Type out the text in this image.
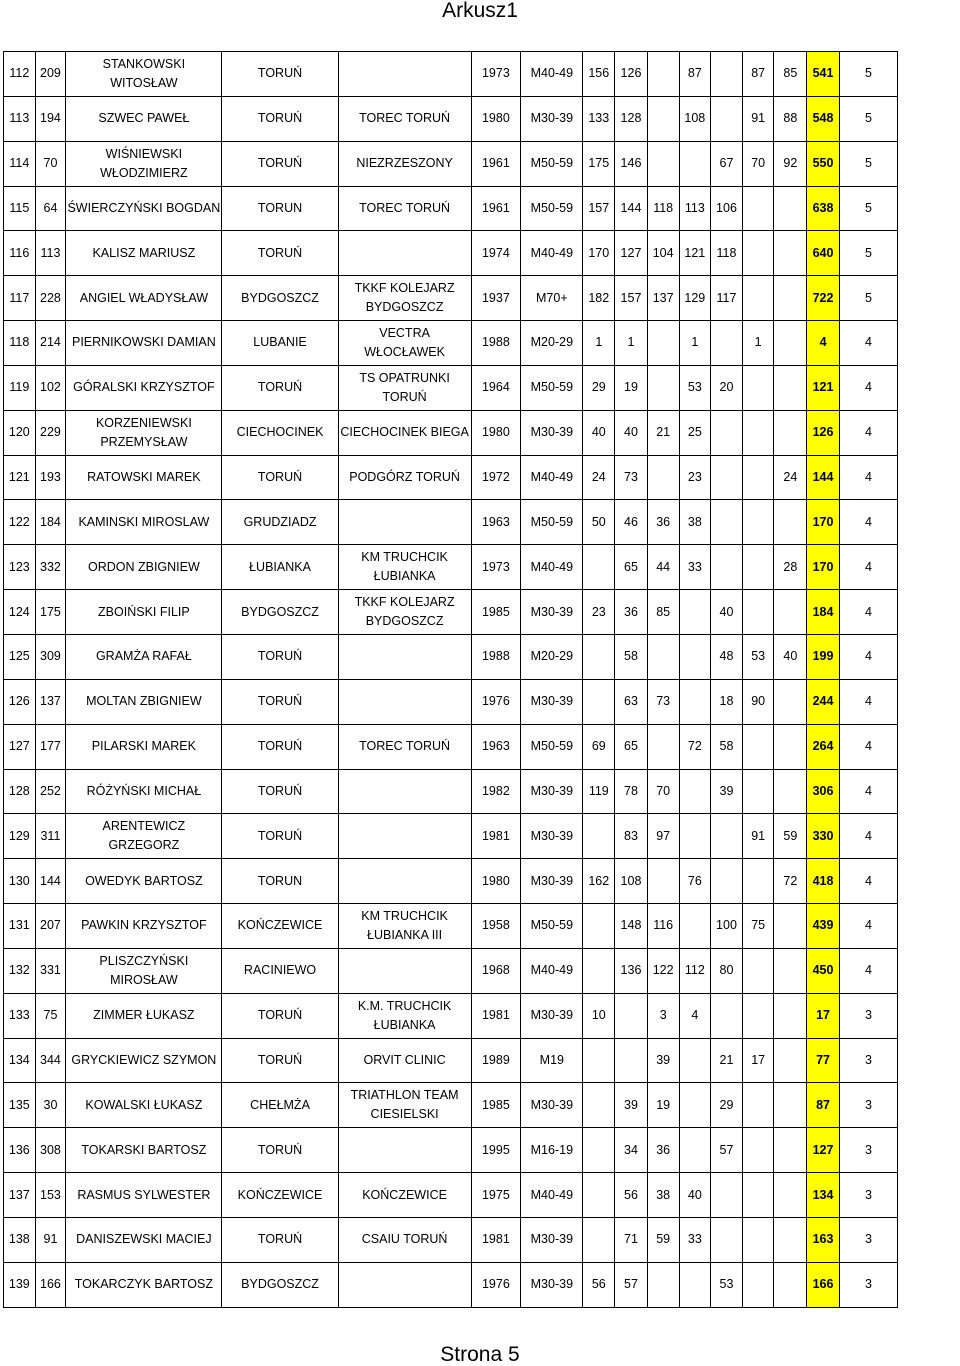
Arkusz1
112	209	STANKOWSKI WITOSŁAW	TORUŃ		1973	M40-49	156	126		87		87	85	541	5
113	194	SZWEC PAWEŁ	TORUŃ	TOREC TORUŃ	1980	M30-39	133	128		108		91	88	548	5
114	70	WIŚNIEWSKI WŁODZIMIERZ	TORUŃ	NIEZRZESZONY	1961	M50-59	175	146			67	70	92	550	5
115	64	ŚWIERCZYŃSKI BOGDAN	TORUN	TOREC TORUŃ	1961	M50-59	157	144	118	113	106			638	5
116	113	KALISZ MARIUSZ	TORUŃ		1974	M40-49	170	127	104	121	118			640	5
117	228	ANGIEL WŁADYSŁAW	BYDGOSZCZ	TKKF KOLEJARZ BYDGOSZCZ	1937	M70+	182	157	137	129	117			722	5
118	214	PIERNIKOWSKI DAMIAN	LUBANIE	VECTRA WŁOCŁAWEK	1988	M20-29	1	1		1		1		4	4
119	102	GÓRALSKI KRZYSZTOF	TORUŃ	TS OPATRUNKI TORUŃ	1964	M50-59	29	19		53	20			121	4
120	229	KORZENIEWSKI PRZEMYSŁAW	CIECHOCINEK	CIECHOCINEK BIEGA	1980	M30-39	40	40	21	25				126	4
121	193	RATOWSKI MAREK	TORUŃ	PODGÓRZ TORUŃ	1972	M40-49	24	73		23			24	144	4
122	184	KAMINSKI MIROSLAW	GRUDZIADZ		1963	M50-59	50	46	36	38				170	4
123	332	ORDON ZBIGNIEW	ŁUBIANKA	KM TRUCHCIK ŁUBIANKA	1973	M40-49		65	44	33			28	170	4
124	175	ZBOIŃSKI FILIP	BYDGOSZCZ	TKKF KOLEJARZ BYDGOSZCZ	1985	M30-39	23	36	85		40			184	4
125	309	GRAMŻA RAFAŁ	TORUŃ		1988	M20-29		58			48	53	40	199	4
126	137	MOLTAN ZBIGNIEW	TORUŃ		1976	M30-39		63	73		18	90		244	4
127	177	PILARSKI MAREK	TORUŃ	TOREC TORUŃ	1963	M50-59	69	65		72	58			264	4
128	252	RÓŻYŃSKI MICHAŁ	TORUŃ		1982	M30-39	119	78	70		39			306	4
129	311	ARENTEWICZ GRZEGORZ	TORUŃ		1981	M30-39		83	97			91	59	330	4
130	144	OWEDYK BARTOSZ	TORUN		1980	M30-39	162	108		76			72	418	4
131	207	PAWKIN KRZYSZTOF	KOŃCZEWICE	KM TRUCHCIK ŁUBIANKA III	1958	M50-59		148	116		100	75		439	4
132	331	PLISZCZYŃSKI MIROSŁAW	RACINIEWO		1968	M40-49		136	122	112	80			450	4
133	75	ZIMMER ŁUKASZ	TORUŃ	K.M. TRUCHCIK ŁUBIANKA	1981	M30-39	10		3	4				17	3
134	344	GRYCKIEWICZ SZYMON	TORUŃ	ORVIT CLINIC	1989	M19			39		21	17		77	3
135	30	KOWALSKI ŁUKASZ	CHEŁMŻA	TRIATHLON TEAM CIESIELSKI	1985	M30-39		39	19		29			87	3
136	308	TOKARSKI BARTOSZ	TORUŃ		1995	M16-19		34	36		57			127	3
137	153	RASMUS SYLWESTER	KOŃCZEWICE	KOŃCZEWICE	1975	M40-49		56	38	40				134	3
138	91	DANISZEWSKI MACIEJ	TORUŃ	CSAIU TORUŃ	1981	M30-39		71	59	33				163	3
139	166	TOKARCZYK BARTOSZ	BYDGOSZCZ		1976	M30-39	56	57			53			166	3
Strona 5
